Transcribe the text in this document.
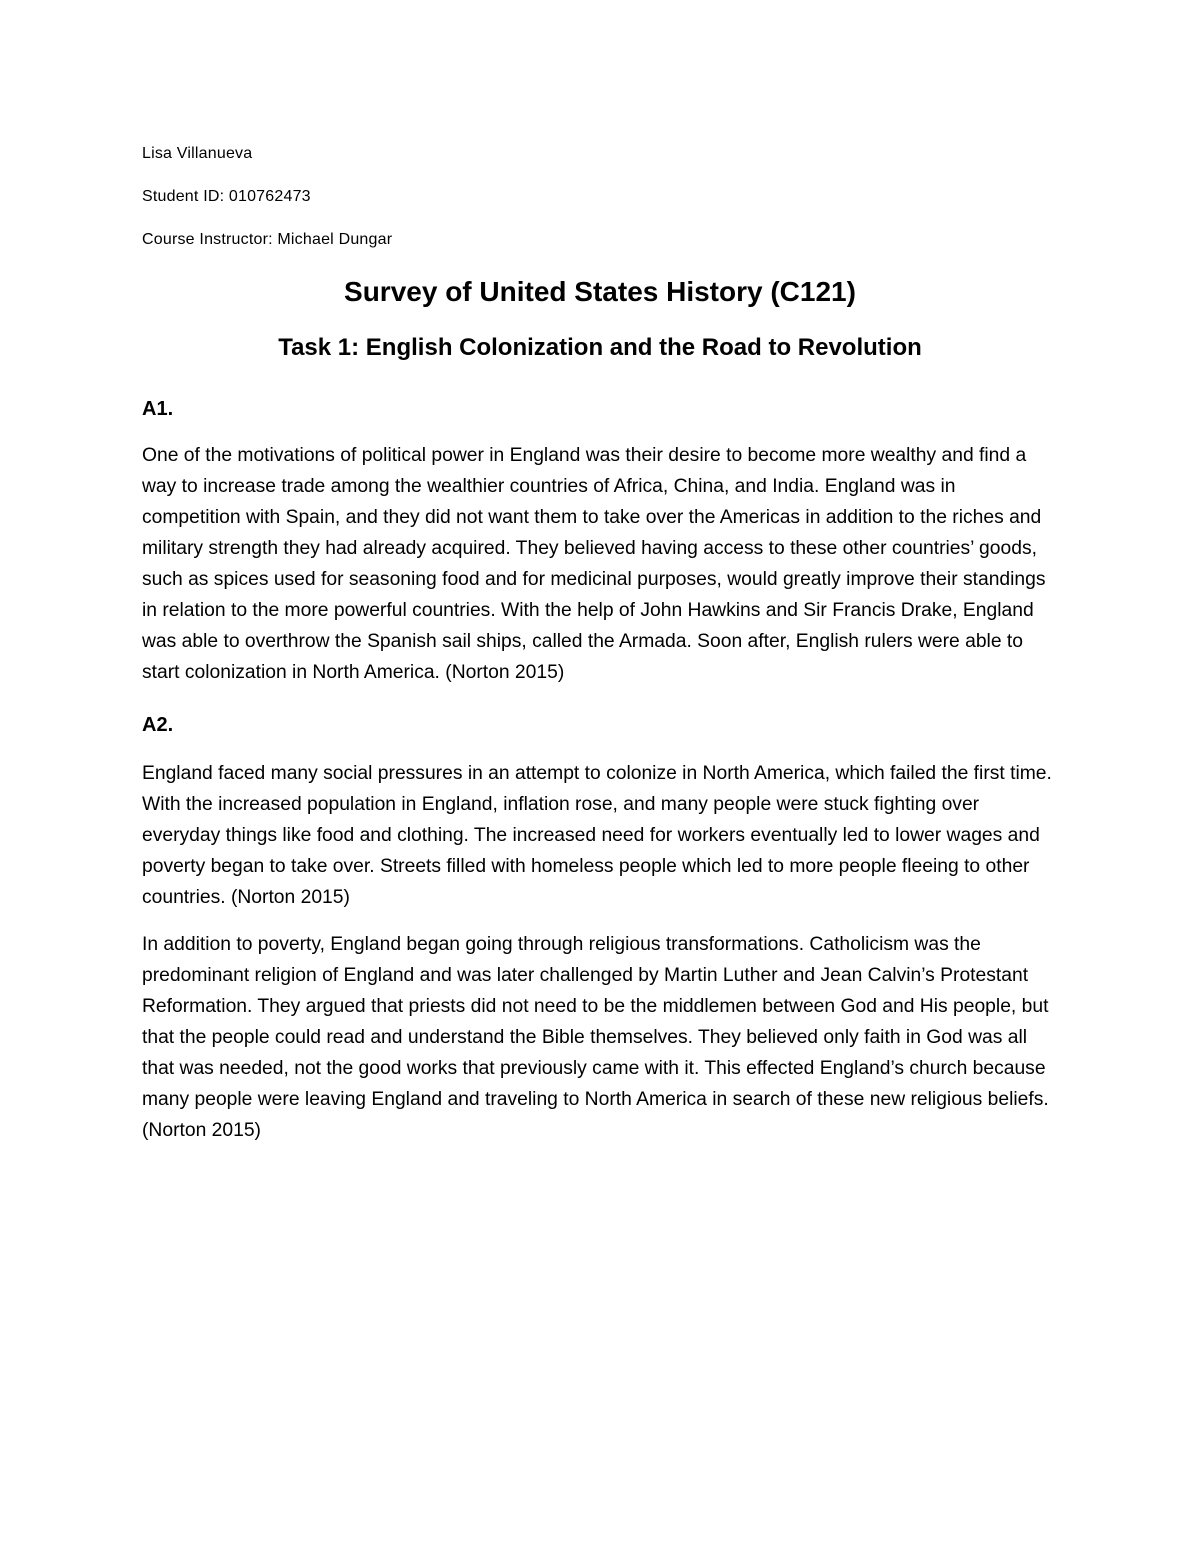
Lisa Villanueva

Student ID: 010762473

Course Instructor: Michael Dungar

Survey of United States History (C121)
Task 1: English Colonization and the Road to Revolution
A1.

One of the motivations of political power in England was their desire to become more wealthy and find a way to increase trade among the wealthier countries of Africa, China, and India. England was in competition with Spain, and they did not want them to take over the Americas in addition to the riches and military strength they had already acquired. They believed having access to these other countries’ goods, such as spices used for seasoning food and for medicinal purposes, would greatly improve their standings in relation to the more powerful countries. With the help of John Hawkins and Sir Francis Drake, England was able to overthrow the Spanish sail ships, called the Armada. Soon after, English rulers were able to start colonization in North America. (Norton 2015)

A2.

England faced many social pressures in an attempt to colonize in North America, which failed the first time. With the increased population in England, inflation rose, and many people were stuck fighting over everyday things like food and clothing. The increased need for workers eventually led to lower wages and poverty began to take over. Streets filled with homeless people which led to more people fleeing to other countries. (Norton 2015)

In addition to poverty, England began going through religious transformations. Catholicism was the predominant religion of England and was later challenged by Martin Luther and Jean Calvin’s Protestant Reformation. They argued that priests did not need to be the middlemen between God and His people, but that the people could read and understand the Bible themselves. They believed only faith in God was all that was needed, not the good works that previously came with it. This effected England’s church because many people were leaving England and traveling to North America in search of these new religious beliefs. (Norton 2015)
